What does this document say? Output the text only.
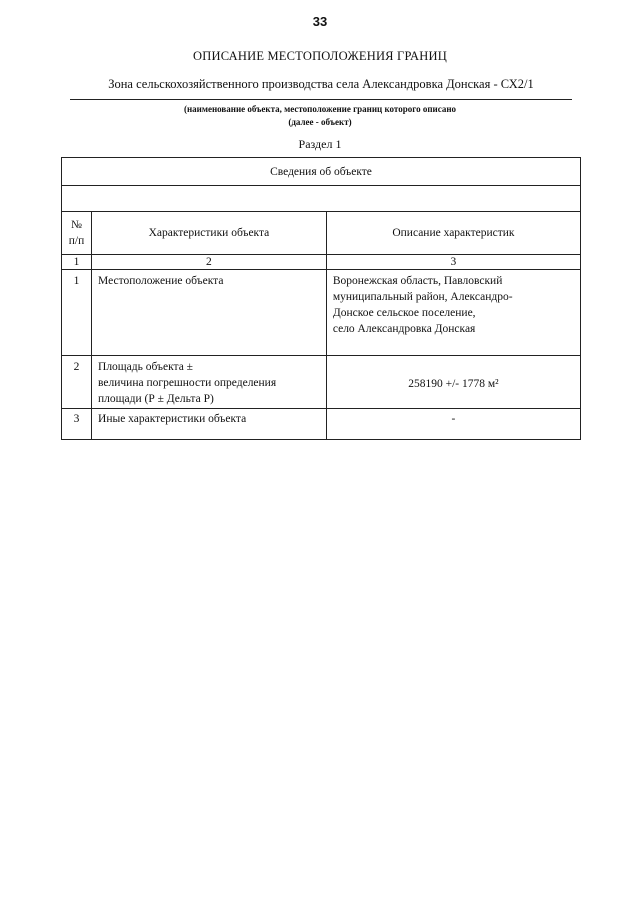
33
ОПИСАНИЕ МЕСТОПОЛОЖЕНИЯ ГРАНИЦ
Зона сельскохозяйственного производства села Александровка Донская - СХ2/1
(наименование объекта, местоположение границ которого описано
(далее - объект)
Раздел 1
Сведения об объекте		

№
п/п	Характеристики объекта	Описание характеристик
1	2	3
1	Местоположение объекта	Воронежская область, Павловский
муниципальный район, Александро-
Донское сельское поселение,
село Александровка Донская

2	Площадь объекта ±
величина погрешности определения
площади (Р ± Дельта Р)	258190 +/- 1778 м²
3	Иные характеристики объекта	-
